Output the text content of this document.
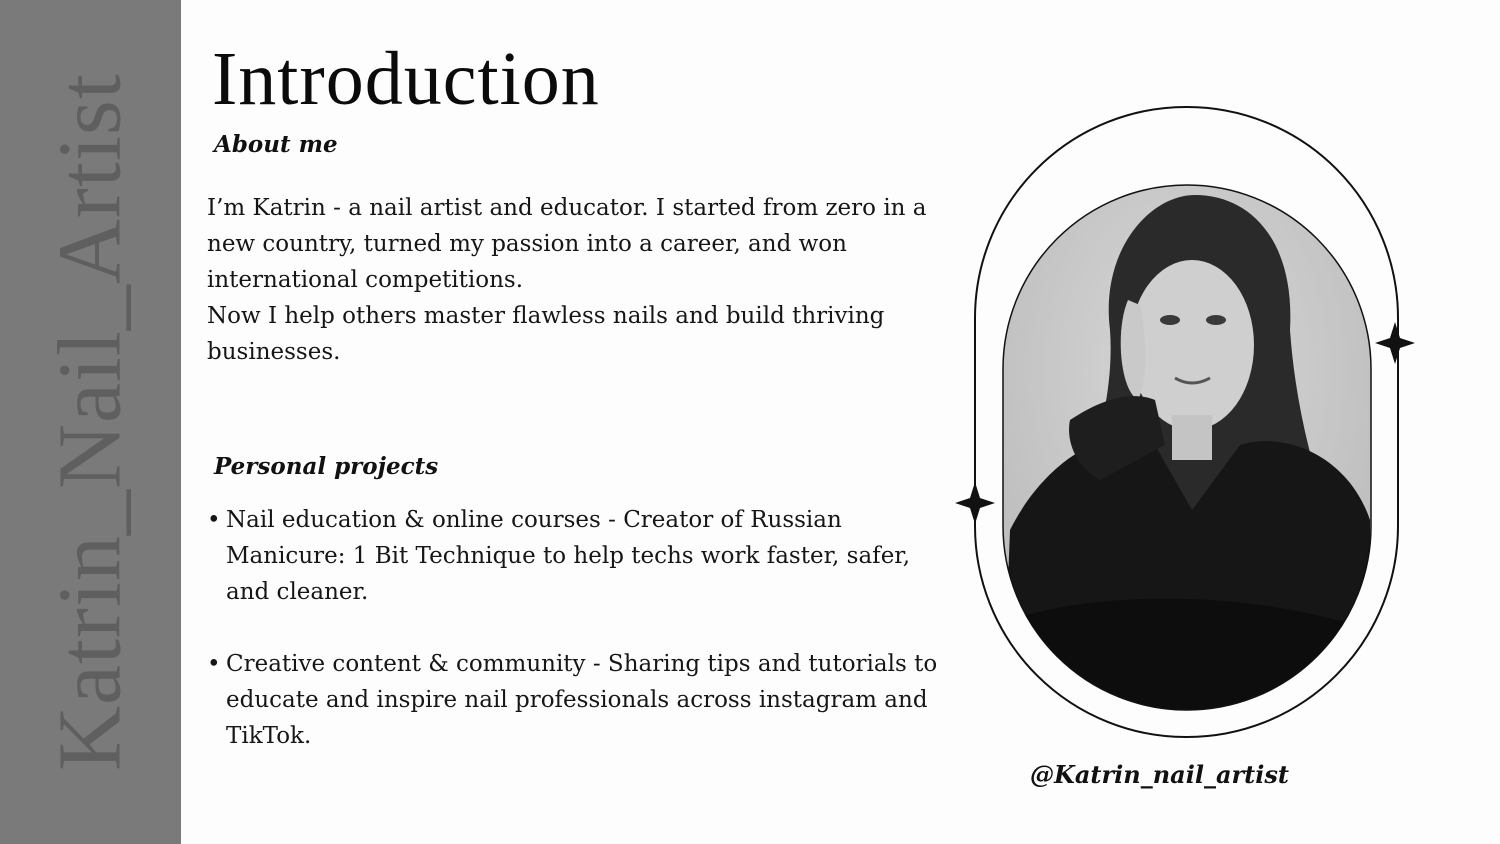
Katrin_Nail_Artist Introduction
About me

I’m Katrin - a nail artist and educator. I started from zero in a new country, turned my passion into a career, and won international competitions.

Now I help others master flawless nails and build thriving businesses.

Personal projects
• Nail education & online courses - Creator of Russian Manicure: 1 Bit Technique to help techs work faster, safer, and cleaner.
• Creative content & community - Sharing tips and tutorials to educate and inspire nail professionals across instagram and TikTok.
@Katrin_nail_artist
